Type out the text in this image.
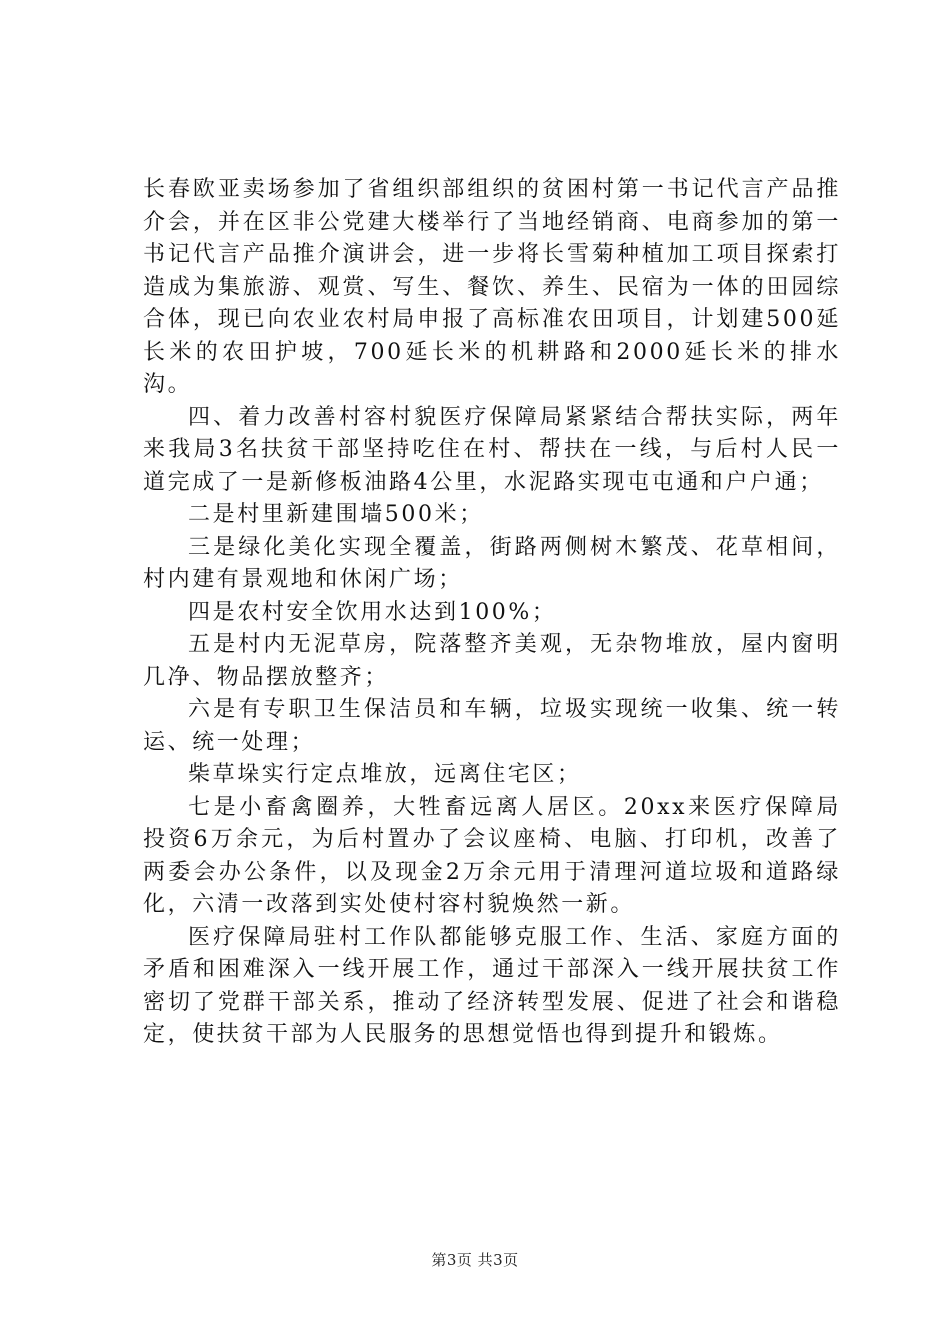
长春欧亚卖场参加了省组织部组织的贫困村第一书记代言产品推介会，并在区非公党建大楼举行了当地经销商、电商参加的第一书记代言产品推介演讲会，进一步将长雪菊种植加工项目探索打造成为集旅游、观赏、写生、餐饮、养生、民宿为一体的田园综合体，现已向农业农村局申报了高标准农田项目，计划建500延长米的农田护坡，700延长米的机耕路和2000延长米的排水沟。

四、着力改善村容村貌医疗保障局紧紧结合帮扶实际，两年来我局3名扶贫干部坚持吃住在村、帮扶在一线，与后村人民一道完成了一是新修板油路4公里，水泥路实现屯屯通和户户通；

二是村里新建围墙500米；

三是绿化美化实现全覆盖，街路两侧树木繁茂、花草相间，村内建有景观地和休闲广场；

四是农村安全饮用水达到100%；

五是村内无泥草房，院落整齐美观，无杂物堆放，屋内窗明几净、物品摆放整齐；

六是有专职卫生保洁员和车辆，垃圾实现统一收集、统一转运、统一处理；

柴草垛实行定点堆放，远离住宅区；

七是小畜禽圈养，大牲畜远离人居区。20xx来医疗保障局投资6万余元，为后村置办了会议座椅、电脑、打印机，改善了两委会办公条件，以及现金2万余元用于清理河道垃圾和道路绿化，六清一改落到实处使村容村貌焕然一新。

医疗保障局驻村工作队都能够克服工作、生活、家庭方面的矛盾和困难深入一线开展工作，通过干部深入一线开展扶贫工作密切了党群干部关系，推动了经济转型发展、促进了社会和谐稳定，使扶贫干部为人民服务的思想觉悟也得到提升和锻炼。

第3页 共3页
